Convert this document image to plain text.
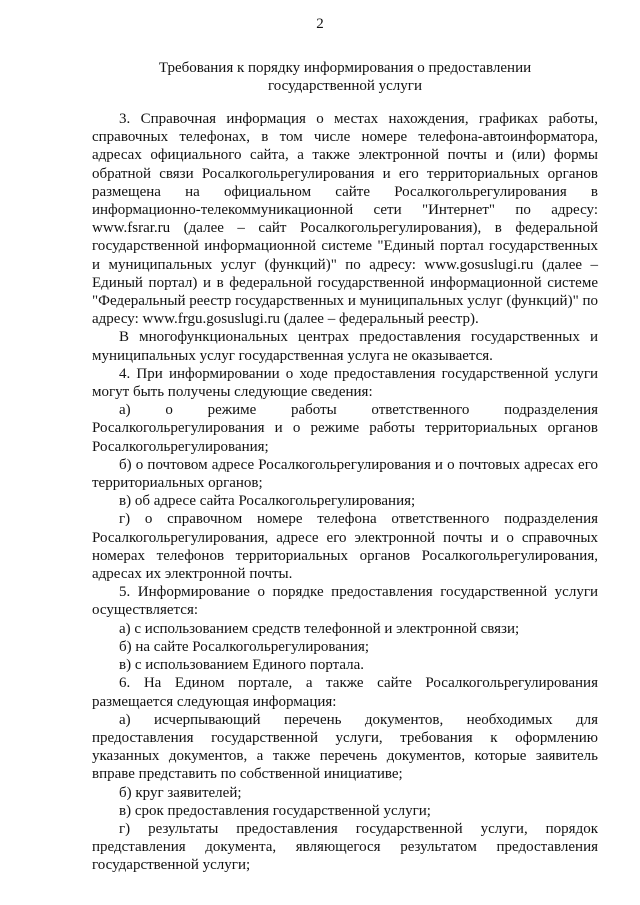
2
Требования к порядку информирования о предоставлении
государственной услуги

3. Справочная информация о местах нахождения, графиках работы, справочных телефонах, в том числе номере телефона-автоинформатора, адресах официального сайта, а также электронной почты и (или) формы обратной связи Росалкогольрегулирования и его территориальных органов размещена на официальном сайте Росалкогольрегулирования в информационно-телекоммуникационной сети "Интернет" по адресу: www.fsrar.ru (далее – сайт Росалкогольрегулирования), в федеральной государственной информационной системе "Единый портал государственных и муниципальных услуг (функций)" по адресу: www.gosuslugi.ru (далее – Единый портал) и в федеральной государственной информационной системе "Федеральный реестр государственных и муниципальных услуг (функций)" по адресу: www.frgu.gosuslugi.ru (далее – федеральный реестр).

В многофункциональных центрах предоставления государственных и муниципальных услуг государственная услуга не оказывается.

4. При информировании о ходе предоставления государственной услуги могут быть получены следующие сведения:

а) о режиме работы ответственного подразделения Росалкогольрегулирования и о режиме работы территориальных органов Росалкогольрегулирования;

б) о почтовом адресе Росалкогольрегулирования и о почтовых адресах его территориальных органов;

в) об адресе сайта Росалкогольрегулирования;

г) о справочном номере телефона ответственного подразделения Росалкогольрегулирования, адресе его электронной почты и о справочных номерах телефонов территориальных органов Росалкогольрегулирования, адресах их электронной почты.

5. Информирование о порядке предоставления государственной услуги осуществляется:

а) с использованием средств телефонной и электронной связи;

б) на сайте Росалкогольрегулирования;

в) с использованием Единого портала.

6. На Едином портале, а также сайте Росалкогольрегулирования размещается следующая информация:

а) исчерпывающий перечень документов, необходимых для предоставления государственной услуги, требования к оформлению указанных документов, а также перечень документов, которые заявитель вправе представить по собственной инициативе;

б) круг заявителей;

в) срок предоставления государственной услуги;

г) результаты предоставления государственной услуги, порядок представления документа, являющегося результатом предоставления государственной услуги;
